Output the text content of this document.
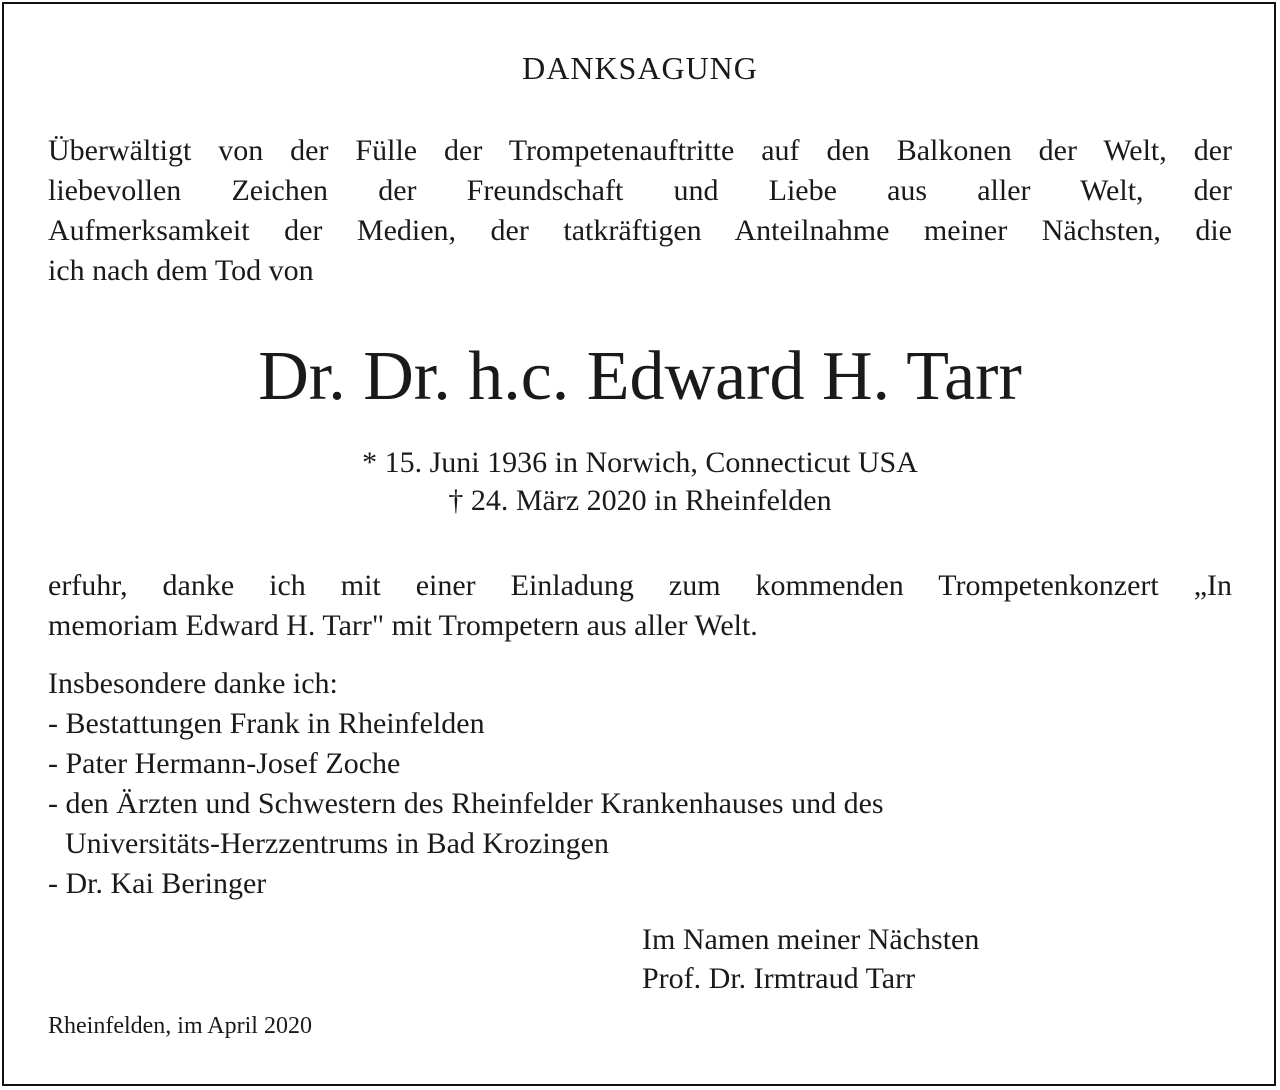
DANKSAGUNG

Überwältigt von der Fülle der Trompetenauftritte auf den Balkonen der Welt, der

liebevollen Zeichen der Freundschaft und Liebe aus aller Welt, der

Aufmerksamkeit der Medien, der tatkräftigen Anteilnahme meiner Nächsten, die

ich nach dem Tod von

Dr. Dr. h.c. Edward H. Tarr
* 15. Juni 1936 in Norwich, Connecticut USA
† 24. März 2020 in Rheinfelden

erfuhr, danke ich mit einer Einladung zum kommenden Trompetenkonzert „In

memoriam Edward H. Tarr" mit Trompetern aus aller Welt.

Insbesondere danke ich:
- Bestattungen Frank in Rheinfelden
- Pater Hermann-Josef Zoche
- den Ärzten und Schwestern des Rheinfelder Krankenhauses und des
Universitäts-Herzzentrums in Bad Krozingen
- Dr. Kai Beringer
Im Namen meiner Nächsten
Prof. Dr. Irmtraud Tarr
Rheinfelden, im April 2020
